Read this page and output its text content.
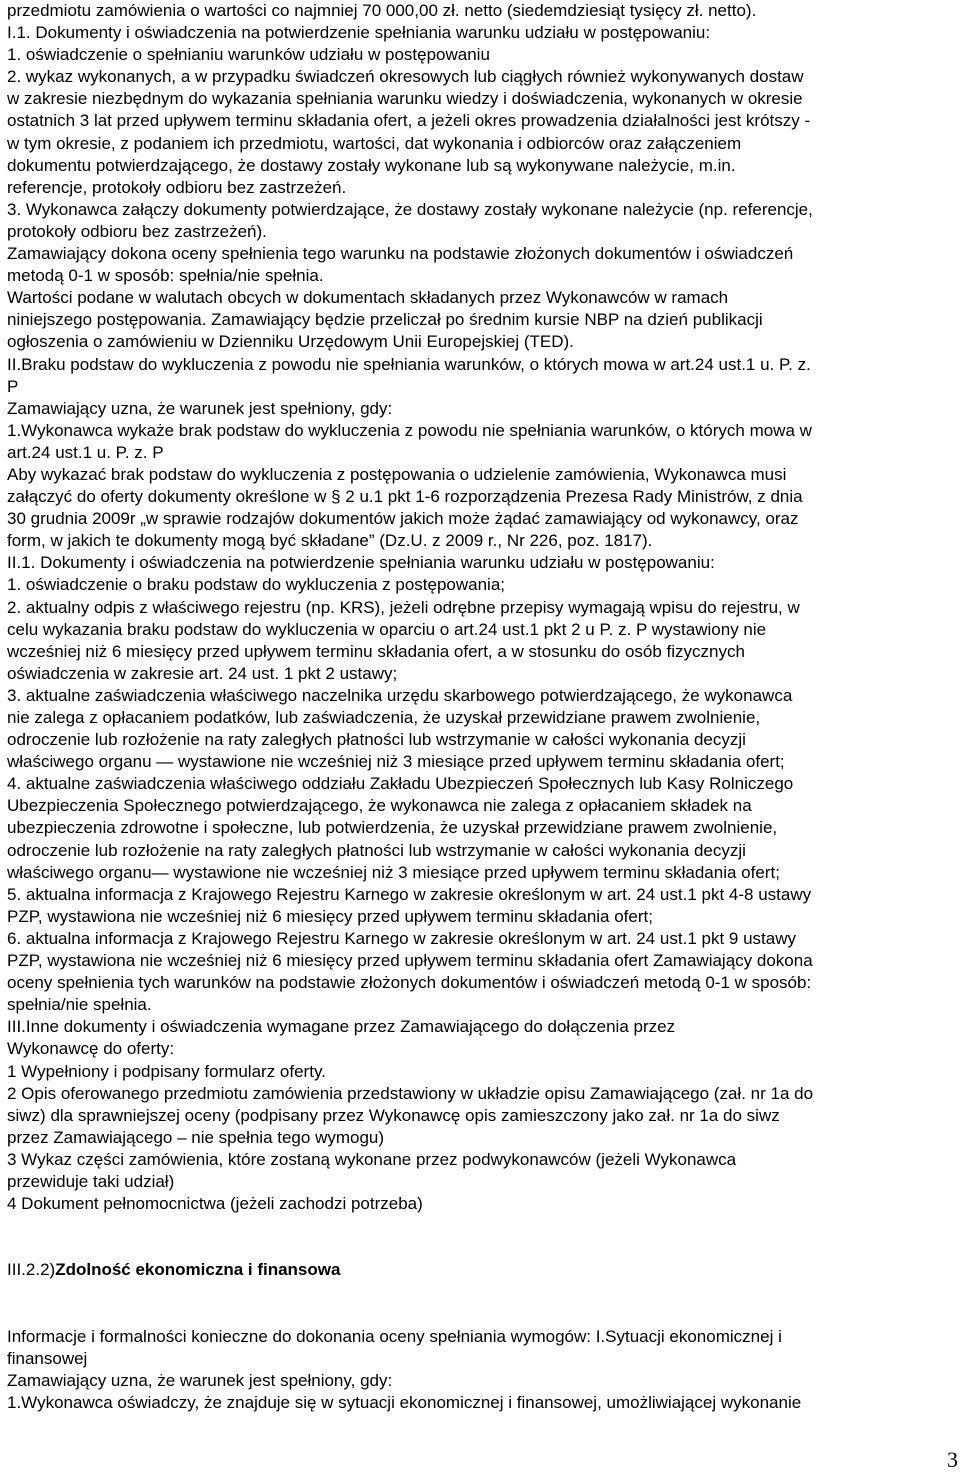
przedmiotu zamówienia o wartości co najmniej 70 000,00 zł. netto (siedemdziesiąt tysięcy zł. netto).
I.1. Dokumenty i oświadczenia na potwierdzenie spełniania warunku udziału w postępowaniu:
1. oświadczenie o spełnianiu warunków udziału w postępowaniu
2. wykaz wykonanych, a w przypadku świadczeń okresowych lub ciągłych również wykonywanych dostaw
w zakresie niezbędnym do wykazania spełniania warunku wiedzy i doświadczenia, wykonanych w okresie
ostatnich 3 lat przed upływem terminu składania ofert, a jeżeli okres prowadzenia działalności jest krótszy -
w tym okresie, z podaniem ich przedmiotu, wartości, dat wykonania i odbiorców oraz załączeniem
dokumentu potwierdzającego, że dostawy zostały wykonane lub są wykonywane należycie, m.in.
referencje, protokoły odbioru bez zastrzeżeń.
3. Wykonawca załączy dokumenty potwierdzające, że dostawy zostały wykonane należycie (np. referencje,
protokoły odbioru bez zastrzeżeń).
Zamawiający dokona oceny spełnienia tego warunku na podstawie złożonych dokumentów i oświadczeń
metodą 0-1 w sposób: spełnia/nie spełnia.
Wartości podane w walutach obcych w dokumentach składanych przez Wykonawców w ramach
niniejszego postępowania. Zamawiający będzie przeliczał po średnim kursie NBP na dzień publikacji
ogłoszenia o zamówieniu w Dzienniku Urzędowym Unii Europejskiej (TED).
II.Braku podstaw do wykluczenia z powodu nie spełniania warunków, o których mowa w art.24 ust.1 u. P. z.
P
Zamawiający uzna, że warunek jest spełniony, gdy:
1.Wykonawca wykaże brak podstaw do wykluczenia z powodu nie spełniania warunków, o których mowa w
art.24 ust.1 u. P. z. P
Aby wykazać brak podstaw do wykluczenia z postępowania o udzielenie zamówienia, Wykonawca musi
załączyć do oferty dokumenty określone w § 2 u.1 pkt 1-6 rozporządzenia Prezesa Rady Ministrów, z dnia
30 grudnia 2009r „w sprawie rodzajów dokumentów jakich może żądać zamawiający od wykonawcy, oraz
form, w jakich te dokumenty mogą być składane” (Dz.U. z 2009 r., Nr 226, poz. 1817).
II.1. Dokumenty i oświadczenia na potwierdzenie spełniania warunku udziału w postępowaniu:
1. oświadczenie o braku podstaw do wykluczenia z postępowania;
2. aktualny odpis z właściwego rejestru (np. KRS), jeżeli odrębne przepisy wymagają wpisu do rejestru, w
celu wykazania braku podstaw do wykluczenia w oparciu o art.24 ust.1 pkt 2 u P. z. P wystawiony nie
wcześniej niż 6 miesięcy przed upływem terminu składania ofert, a w stosunku do osób fizycznych
oświadczenia w zakresie art. 24 ust. 1 pkt 2 ustawy;
3. aktualne zaświadczenia właściwego naczelnika urzędu skarbowego potwierdzającego, że wykonawca
nie zalega z opłacaniem podatków, lub zaświadczenia, że uzyskał przewidziane prawem zwolnienie,
odroczenie lub rozłożenie na raty zaległych płatności lub wstrzymanie w całości wykonania decyzji
właściwego organu — wystawione nie wcześniej niż 3 miesiące przed upływem terminu składania ofert;
4. aktualne zaświadczenia właściwego oddziału Zakładu Ubezpieczeń Społecznych lub Kasy Rolniczego
Ubezpieczenia Społecznego potwierdzającego, że wykonawca nie zalega z opłacaniem składek na
ubezpieczenia zdrowotne i społeczne, lub potwierdzenia, że uzyskał przewidziane prawem zwolnienie,
odroczenie lub rozłożenie na raty zaległych płatności lub wstrzymanie w całości wykonania decyzji
właściwego organu— wystawione nie wcześniej niż 3 miesiące przed upływem terminu składania ofert;
5. aktualna informacja z Krajowego Rejestru Karnego w zakresie określonym w art. 24 ust.1 pkt 4-8 ustawy
PZP, wystawiona nie wcześniej niż 6 miesięcy przed upływem terminu składania ofert;
6. aktualna informacja z Krajowego Rejestru Karnego w zakresie określonym w art. 24 ust.1 pkt 9 ustawy
PZP, wystawiona nie wcześniej niż 6 miesięcy przed upływem terminu składania ofert Zamawiający dokona
oceny spełnienia tych warunków na podstawie złożonych dokumentów i oświadczeń metodą 0-1 w sposób:
spełnia/nie spełnia.
III.Inne dokumenty i oświadczenia wymagane przez Zamawiającego do dołączenia przez
Wykonawcę do oferty:
1 Wypełniony i podpisany formularz oferty.
2 Opis oferowanego przedmiotu zamówienia przedstawiony w układzie opisu Zamawiającego (zał. nr 1a do
siwz) dla sprawniejszej oceny (podpisany przez Wykonawcę opis zamieszczony jako zał. nr 1a do siwz
przez Zamawiającego – nie spełnia tego wymogu)
3 Wykaz części zamówienia, które zostaną wykonane przez podwykonawców (jeżeli Wykonawca
przewiduje taki udział)
4 Dokument pełnomocnictwa (jeżeli zachodzi potrzeba)

III.2.2)Zdolność ekonomiczna i finansowa

Informacje i formalności konieczne do dokonania oceny spełniania wymogów: I.Sytuacji ekonomicznej i
finansowej
Zamawiający uzna, że warunek jest spełniony, gdy:
1.Wykonawca oświadczy, że znajduje się w sytuacji ekonomicznej i finansowej, umożliwiającej wykonanie
3
